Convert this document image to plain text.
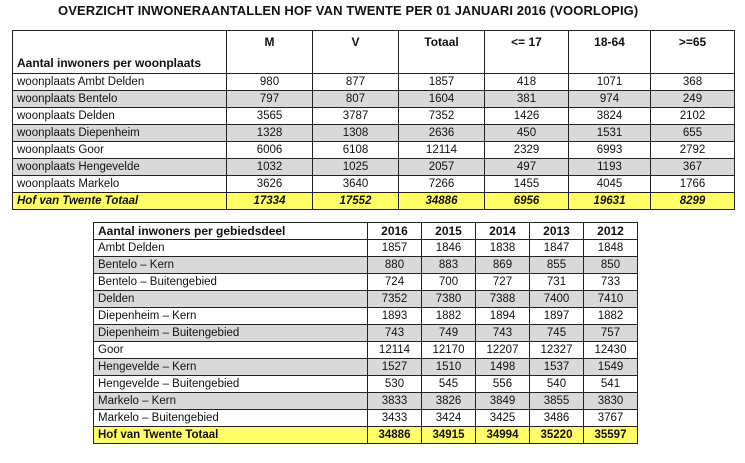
OVERZICHT INWONERAANTALLEN HOF VAN TWENTE PER 01 JANUARI 2016 (VOORLOPIG)
Aantal inwoners per woonplaats	M	V	Totaal	<= 17	18-64	>=65
woonplaats Ambt Delden	980	877	1857	418	1071	368
woonplaats Bentelo	797	807	1604	381	974	249
woonplaats Delden	3565	3787	7352	1426	3824	2102
woonplaats Diepenheim	1328	1308	2636	450	1531	655
woonplaats Goor	6006	6108	12114	2329	6993	2792
woonplaats Hengevelde	1032	1025	2057	497	1193	367
woonplaats Markelo	3626	3640	7266	1455	4045	1766
Hof van Twente Totaal	17334	17552	34886	6956	19631	8299
Aantal inwoners per gebiedsdeel	2016	2015	2014	2013	2012
Ambt Delden	1857	1846	1838	1847	1848
Bentelo – Kern	880	883	869	855	850
Bentelo – Buitengebied	724	700	727	731	733
Delden	7352	7380	7388	7400	7410
Diepenheim – Kern	1893	1882	1894	1897	1882
Diepenheim – Buitengebied	743	749	743	745	757
Goor	12114	12170	12207	12327	12430
Hengevelde – Kern	1527	1510	1498	1537	1549
Hengevelde – Buitengebied	530	545	556	540	541
Markelo – Kern	3833	3826	3849	3855	3830
Markelo – Buitengebied	3433	3424	3425	3486	3767
Hof van Twente Totaal	34886	34915	34994	35220	35597
